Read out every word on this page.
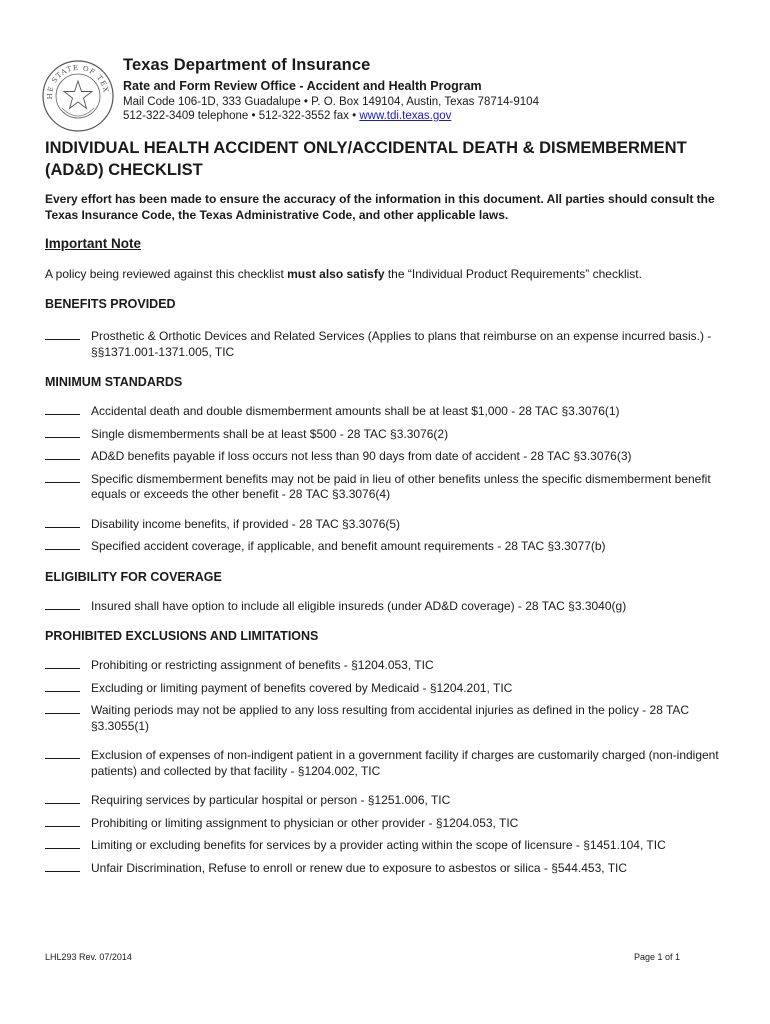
HE STATE OF TEX
Texas Department of Insurance
Rate and Form Review Office - Accident and Health Program
Mail Code 106-1D, 333 Guadalupe • P. O. Box 149104, Austin, Texas 78714-9104
512-322-3409 telephone • 512-322-3552 fax • www.tdi.texas.gov
INDIVIDUAL HEALTH ACCIDENT ONLY/ACCIDENTAL DEATH & DISMEMBERMENT (AD&D) CHECKLIST
Every effort has been made to ensure the accuracy of the information in this document. All parties should consult the Texas Insurance Code, the Texas Administrative Code, and other applicable laws.
Important Note
A policy being reviewed against this checklist must also satisfy the “Individual Product Requirements” checklist.
BENEFITS PROVIDED
Prosthetic & Orthotic Devices and Related Services (Applies to plans that reimburse on an expense incurred basis.) - §§1371.001-1371.005, TIC
MINIMUM STANDARDS
Accidental death and double dismemberment amounts shall be at least $1,000 - 28 TAC §3.3076(1)
Single dismemberments shall be at least $500 - 28 TAC §3.3076(2)
AD&D benefits payable if loss occurs not less than 90 days from date of accident - 28 TAC §3.3076(3)
Specific dismemberment benefits may not be paid in lieu of other benefits unless the specific dismemberment benefit equals or exceeds the other benefit - 28 TAC §3.3076(4)
Disability income benefits, if provided - 28 TAC §3.3076(5)
Specified accident coverage, if applicable, and benefit amount requirements - 28 TAC §3.3077(b)
ELIGIBILITY FOR COVERAGE
Insured shall have option to include all eligible insureds (under AD&D coverage) - 28 TAC §3.3040(g)
PROHIBITED EXCLUSIONS AND LIMITATIONS
Prohibiting or restricting assignment of benefits - §1204.053, TIC
Excluding or limiting payment of benefits covered by Medicaid - §1204.201, TIC
Waiting periods may not be applied to any loss resulting from accidental injuries as defined in the policy - 28 TAC §3.3055(1)
Exclusion of expenses of non-indigent patient in a government facility if charges are customarily charged (non-indigent patients) and collected by that facility - §1204.002, TIC
Requiring services by particular hospital or person - §1251.006, TIC
Prohibiting or limiting assignment to physician or other provider - §1204.053, TIC
Limiting or excluding benefits for services by a provider acting within the scope of licensure - §1451.104, TIC
Unfair Discrimination, Refuse to enroll or renew due to exposure to asbestos or silica - §544.453, TIC
LHL293 Rev. 07/2014	Page 1 of 1
